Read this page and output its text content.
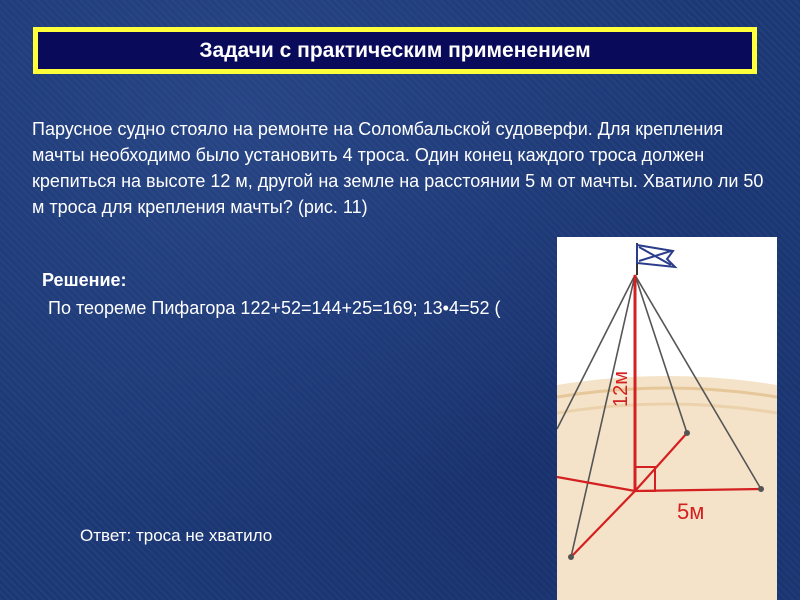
Задачи с практическим применением
Парусное судно стояло на ремонте на Соломбальской судоверфи. Для крепления мачты необходимо было установить 4 троса. Один конец каждого троса должен крепиться на высоте 12 м, другой на земле на расстоянии 5 м от мачты. Хватило ли 50 м троса для крепления мачты? (рис. 11)
Решение:
По теореме Пифагора 122+52=144+25=169; 13•4=52 (
12м
5м
Ответ: троса не хватило
